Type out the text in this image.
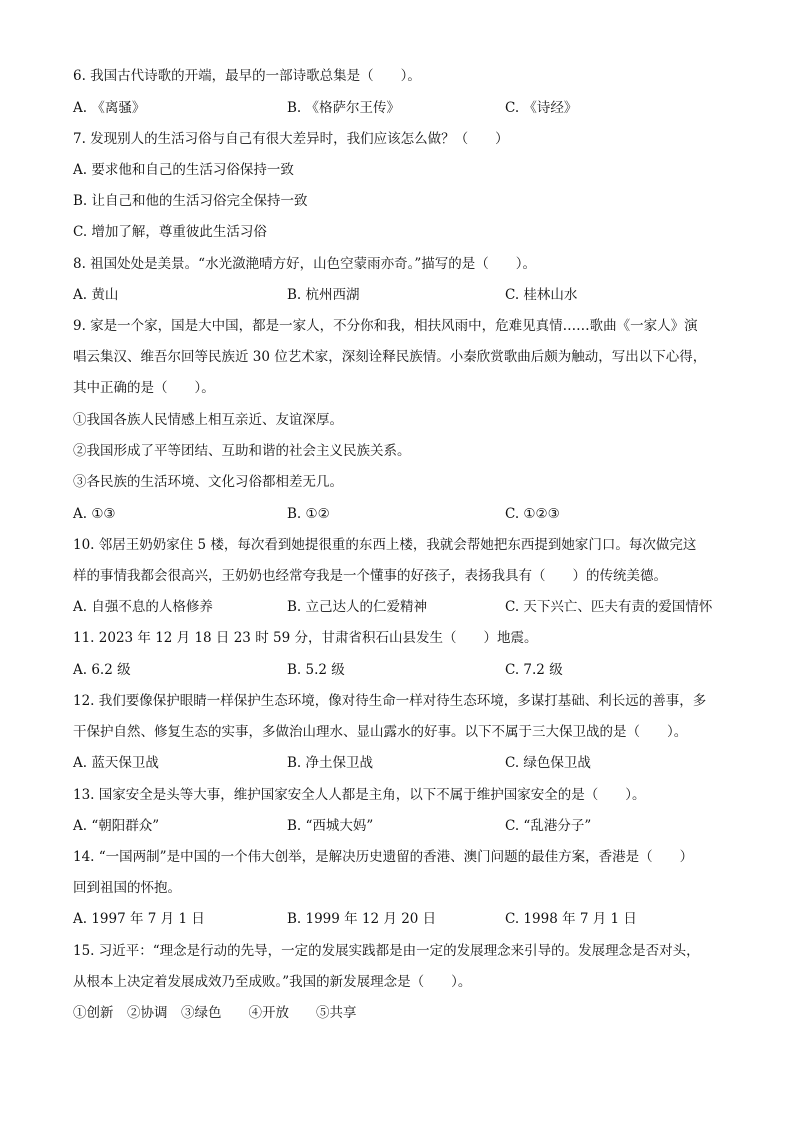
6. 我国古代诗歌的开端，最早的一部诗歌总集是（　　）。
A. 《离骚》	B. 《格萨尔王传》	C. 《诗经》
7. 发现别人的生活习俗与自己有很大差异时，我们应该怎么做？（　　）
A. 要求他和自己的生活习俗保持一致
B. 让自己和他的生活习俗完全保持一致
C. 增加了解，尊重彼此生活习俗
8. 祖国处处是美景。“水光潋滟晴方好，山色空蒙雨亦奇。”描写的是（　　）。
A. 黄山	B. 杭州西湖	C. 桂林山水
9. 家是一个家，国是大中国，都是一家人，不分你和我，相扶风雨中，危难见真情……歌曲《一家人》演
唱云集汉、维吾尔回等民族近 30 位艺术家，深刻诠释民族情。小秦欣赏歌曲后颇为触动，写出以下心得，
其中正确的是（　　）。
①我国各族人民情感上相互亲近、友谊深厚。
②我国形成了平等团结、互助和谐的社会主义民族关系。
③各民族的生活环境、文化习俗都相差无几。
A. ①③	B. ①②	C. ①②③
10. 邻居王奶奶家住 5 楼，每次看到她提很重的东西上楼，我就会帮她把东西提到她家门口。每次做完这
样的事情我都会很高兴，王奶奶也经常夸我是一个懂事的好孩子，表扬我具有（　　）的传统美德。
A. 自强不息的人格修养	B. 立己达人的仁爱精神	C. 天下兴亡、匹夫有责的爱国情怀
11. 2023 年 12 月 18 日 23 时 59 分，甘肃省积石山县发生（　　）地震。
A. 6.2 级	B. 5.2 级	C. 7.2 级
12. 我们要像保护眼睛一样保护生态环境，像对待生命一样对待生态环境，多谋打基础、利长远的善事，多
干保护自然、修复生态的实事，多做治山理水、显山露水的好事。以下不属于三大保卫战的是（　　）。
A. 蓝天保卫战	B. 净土保卫战	C. 绿色保卫战
13. 国家安全是头等大事，维护国家安全人人都是主角，以下不属于维护国家安全的是（　　）。
A. “朝阳群众”	B. “西城大妈”	C. “乱港分子”
14. “一国两制”是中国的一个伟大创举，是解决历史遗留的香港、澳门问题的最佳方案，香港是（　　）
回到祖国的怀抱。
A. 1997 年 7 月 1 日	B. 1999 年 12 月 20 日	C. 1998 年 7 月 1 日
15. 习近平：“理念是行动的先导，一定的发展实践都是由一定的发展理念来引导的。发展理念是否对头，
从根本上决定着发展成效乃至成败。”我国的新发展理念是（　　）。
①创新　②协调　③绿色　　④开放　　⑤共享
